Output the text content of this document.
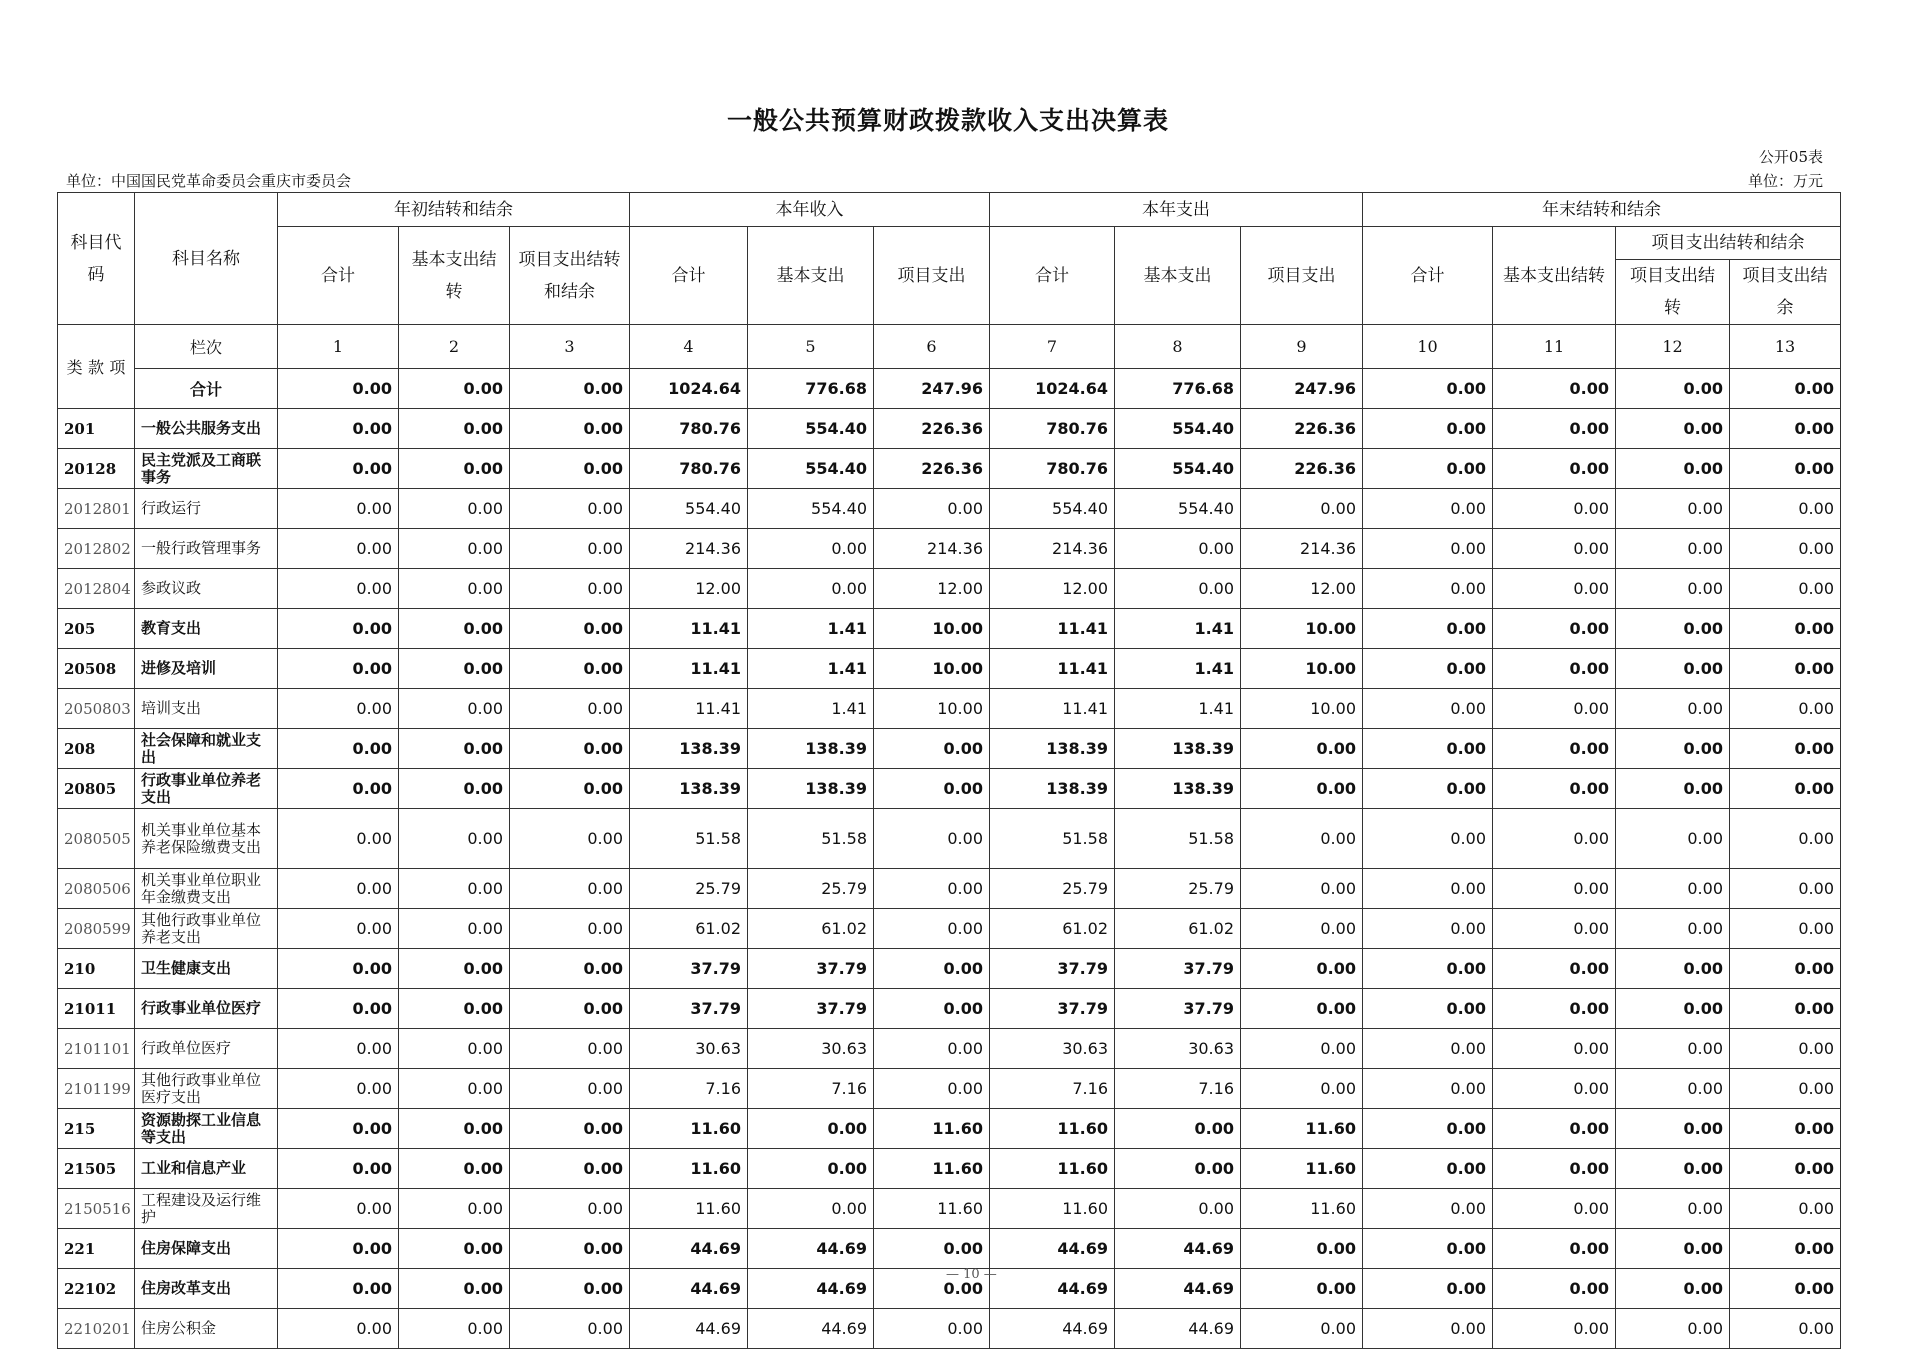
一般公共预算财政拨款收入支出决算表
公开05表
单位：中国国民党革命委员会重庆市委员会	单位：万元
科目代码	科目名称	年初结转和结余			本年收入			本年支出			年末结转和结余			
		合计	基本支出结转	项目支出结转和结余	合计	基本支出	项目支出	合计	基本支出	项目支出	合计	基本支出结转	项目支出结转和结余	
													项目支出结转	项目支出结余

类 款 项	栏次	1	2	3	4	5	6	7	8	9	10	11	12	13
	合计	0.00	0.00	0.00	1024.64	776.68	247.96	1024.64	776.68	247.96	0.00	0.00	0.00	0.00
201	一般公共服务支出	0.00	0.00	0.00	780.76	554.40	226.36	780.76	554.40	226.36	0.00	0.00	0.00	0.00
20128	民主党派及工商联事务	0.00	0.00	0.00	780.76	554.40	226.36	780.76	554.40	226.36	0.00	0.00	0.00	0.00
2012801	行政运行	0.00	0.00	0.00	554.40	554.40	0.00	554.40	554.40	0.00	0.00	0.00	0.00	0.00
2012802	一般行政管理事务	0.00	0.00	0.00	214.36	0.00	214.36	214.36	0.00	214.36	0.00	0.00	0.00	0.00
2012804	参政议政	0.00	0.00	0.00	12.00	0.00	12.00	12.00	0.00	12.00	0.00	0.00	0.00	0.00
205	教育支出	0.00	0.00	0.00	11.41	1.41	10.00	11.41	1.41	10.00	0.00	0.00	0.00	0.00
20508	进修及培训	0.00	0.00	0.00	11.41	1.41	10.00	11.41	1.41	10.00	0.00	0.00	0.00	0.00
2050803	培训支出	0.00	0.00	0.00	11.41	1.41	10.00	11.41	1.41	10.00	0.00	0.00	0.00	0.00
208	社会保障和就业支出	0.00	0.00	0.00	138.39	138.39	0.00	138.39	138.39	0.00	0.00	0.00	0.00	0.00
20805	行政事业单位养老支出	0.00	0.00	0.00	138.39	138.39	0.00	138.39	138.39	0.00	0.00	0.00	0.00	0.00
2080505	机关事业单位基本养老保险缴费支出	0.00	0.00	0.00	51.58	51.58	0.00	51.58	51.58	0.00	0.00	0.00	0.00	0.00
2080506	机关事业单位职业年金缴费支出	0.00	0.00	0.00	25.79	25.79	0.00	25.79	25.79	0.00	0.00	0.00	0.00	0.00
2080599	其他行政事业单位养老支出	0.00	0.00	0.00	61.02	61.02	0.00	61.02	61.02	0.00	0.00	0.00	0.00	0.00
210	卫生健康支出	0.00	0.00	0.00	37.79	37.79	0.00	37.79	37.79	0.00	0.00	0.00	0.00	0.00
21011	行政事业单位医疗	0.00	0.00	0.00	37.79	37.79	0.00	37.79	37.79	0.00	0.00	0.00	0.00	0.00
2101101	行政单位医疗	0.00	0.00	0.00	30.63	30.63	0.00	30.63	30.63	0.00	0.00	0.00	0.00	0.00
2101199	其他行政事业单位医疗支出	0.00	0.00	0.00	7.16	7.16	0.00	7.16	7.16	0.00	0.00	0.00	0.00	0.00
215	资源勘探工业信息等支出	0.00	0.00	0.00	11.60	0.00	11.60	11.60	0.00	11.60	0.00	0.00	0.00	0.00
21505	工业和信息产业	0.00	0.00	0.00	11.60	0.00	11.60	11.60	0.00	11.60	0.00	0.00	0.00	0.00
2150516	工程建设及运行维护	0.00	0.00	0.00	11.60	0.00	11.60	11.60	0.00	11.60	0.00	0.00	0.00	0.00
221	住房保障支出	0.00	0.00	0.00	44.69	44.69	0.00	44.69	44.69	0.00	0.00	0.00	0.00	0.00
22102	住房改革支出	0.00	0.00	0.00	44.69	44.69	0.00	44.69	44.69	0.00	0.00	0.00	0.00	0.00
2210201	住房公积金	0.00	0.00	0.00	44.69	44.69	0.00	44.69	44.69	0.00	0.00	0.00	0.00	0.00
— 10 —
